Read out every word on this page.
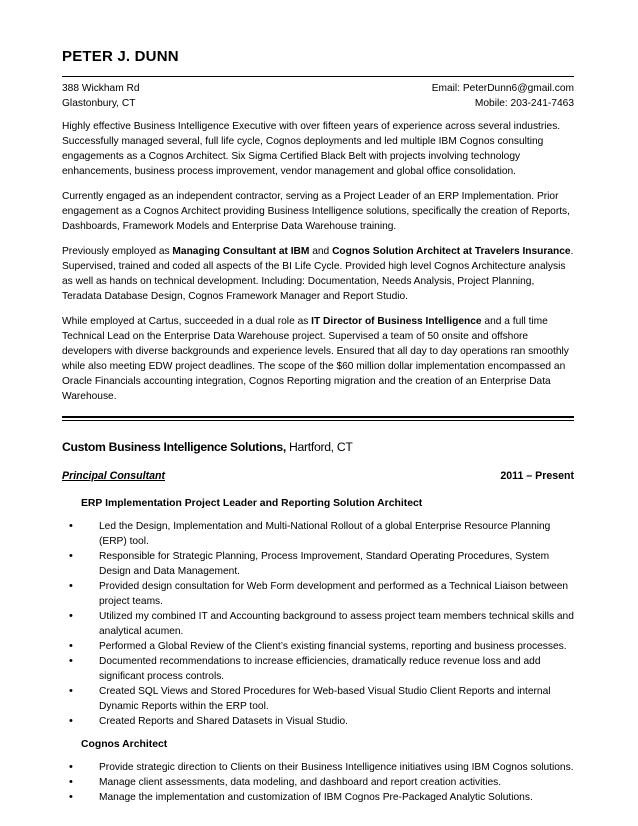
PETER J. DUNN
388 Wickham Rd	Email: PeterDunn6@gmail.com
Glastonbury, CT	Mobile: 203-241-7463

Highly effective Business Intelligence Executive with over fifteen years of experience across several industries. Successfully managed several, full life cycle, Cognos deployments and led multiple IBM Cognos consulting engagements as a Cognos Architect. Six Sigma Certified Black Belt with projects involving technology enhancements, business process improvement, vendor management and global office consolidation.

Currently engaged as an independent contractor, serving as a Project Leader of an ERP Implementation. Prior engagement as a Cognos Architect providing Business Intelligence solutions, specifically the creation of Reports, Dashboards, Framework Models and Enterprise Data Warehouse training.

Previously employed as Managing Consultant at IBM and Cognos Solution Architect at Travelers Insurance. Supervised, trained and coded all aspects of the BI Life Cycle. Provided high level Cognos Architecture analysis as well as hands on technical development. Including: Documentation, Needs Analysis, Project Planning, Teradata Database Design, Cognos Framework Manager and Report Studio.

While employed at Cartus, succeeded in a dual role as IT Director of Business Intelligence and a full time Technical Lead on the Enterprise Data Warehouse project. Supervised a team of 50 onsite and offshore developers with diverse backgrounds and experience levels. Ensured that all day to day operations ran smoothly while also meeting EDW project deadlines. The scope of the $60 million dollar implementation encompassed an Oracle Financials accounting integration, Cognos Reporting migration and the creation of an Enterprise Data Warehouse.

Custom Business Intelligence Solutions, Hartford, CT
Principal Consultant	2011 – Present
ERP Implementation Project Leader and Reporting Solution Architect
• Led the Design, Implementation and Multi-National Rollout of a global Enterprise Resource Planning (ERP) tool.
• Responsible for Strategic Planning, Process Improvement, Standard Operating Procedures, System Design and Data Management.
• Provided design consultation for Web Form development and performed as a Technical Liaison between project teams.
• Utilized my combined IT and Accounting background to assess project team members technical skills and analytical acumen.
• Performed a Global Review of the Client’s existing financial systems, reporting and business processes.
• Documented recommendations to increase efficiencies, dramatically reduce revenue loss and add significant process controls.
• Created SQL Views and Stored Procedures for Web-based Visual Studio Client Reports and internal Dynamic Reports within the ERP tool.
• Created Reports and Shared Datasets in Visual Studio.
Cognos Architect
• Provide strategic direction to Clients on their Business Intelligence initiatives using IBM Cognos solutions.
• Manage client assessments, data modeling, and dashboard and report creation activities.
• Manage the implementation and customization of IBM Cognos Pre-Packaged Analytic Solutions.
